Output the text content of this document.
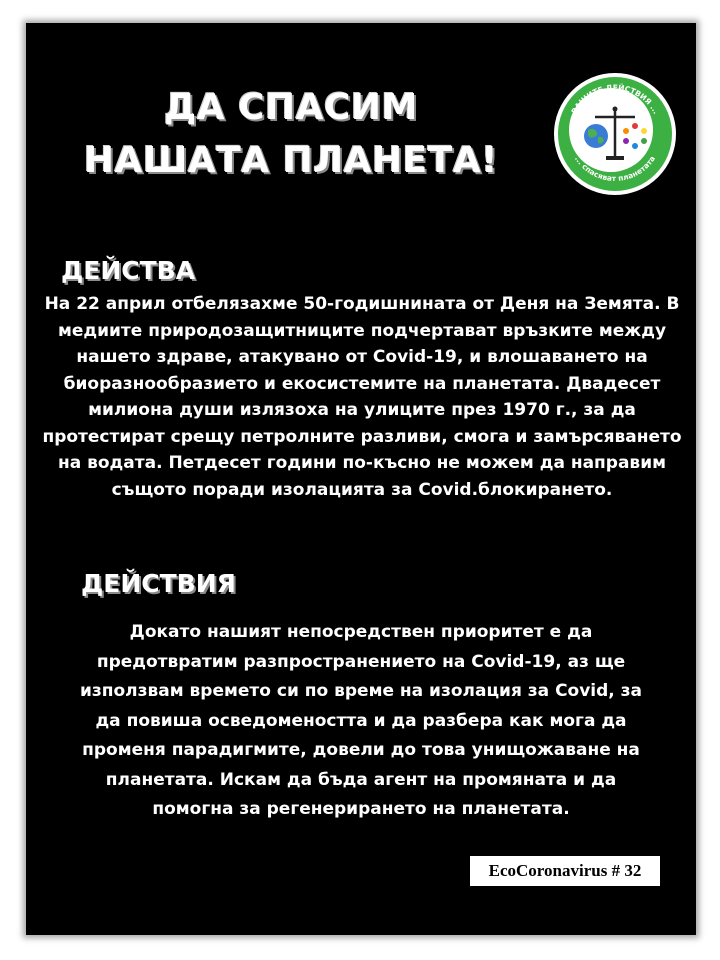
ДА СПАСИМ
НАШАТА ПЛАНЕТА!
ВАШИТЕ ДЕЙСТВИЯ ...
... спасяват планетата
ДЕЙСТВА
На 22 април отбелязахме 50-годишнината от Деня на Земята. В медиите природозащитниците подчертават връзките между нашето здраве, атакувано от Covid-19, и влошаването на биоразнообразието и екосистемите на планетата. Двадесет милиона души излязоха на улиците през 1970 г., за да протестират срещу петролните разливи, смога и замърсяването на водата. Петдесет години по-късно не можем да направим същото поради изолацията за Covid.блокирането.
ДЕЙСТВИЯ
Докато нашият непосредствен приоритет е да предотвратим разпространението на Covid-19, аз ще използвам времето си по време на изолация за Covid, за да повиша осведомеността и да разбера как мога да променя парадигмите, довели до това унищожаване на планетата. Искам да бъда агент на промяната и да помогна за регенерирането на планетата.
EcoCoronavirus # 32
